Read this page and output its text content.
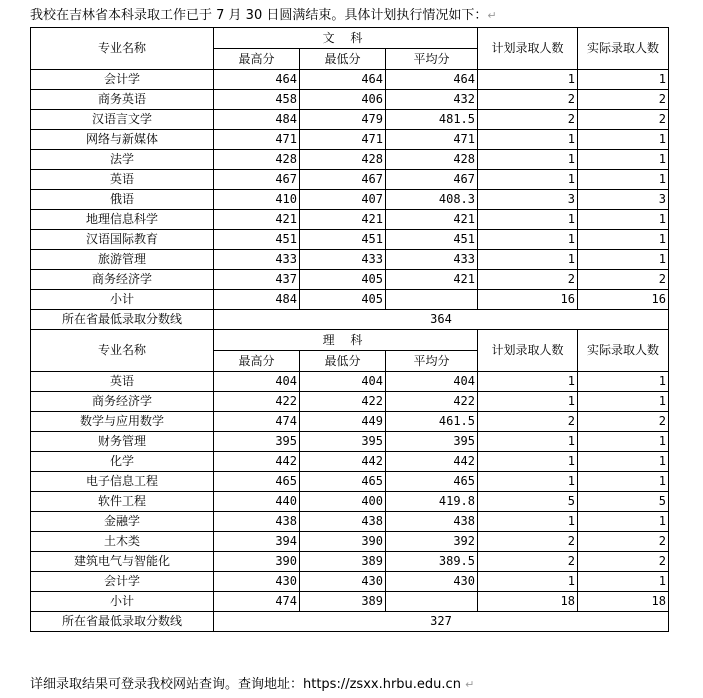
我校在吉林省本科录取工作已于 7 月 30 日圆满结束。具体计划执行情况如下：↵
专业名称	文 科			计划录取人数	实际录取人数
	最高分	最低分	平均分		
会计学	464	464	464	1	1
商务英语	458	406	432	2	2
汉语言文学	484	479	481.5	2	2
网络与新媒体	471	471	471	1	1
法学	428	428	428	1	1
英语	467	467	467	1	1
俄语	410	407	408.3	3	3
地理信息科学	421	421	421	1	1
汉语国际教育	451	451	451	1	1
旅游管理	433	433	433	1	1
商务经济学	437	405	421	2	2
小计	484	405		16	16
所在省最低录取分数线	364				
专业名称	理 科			计划录取人数	实际录取人数
	最高分	最低分	平均分		
英语	404	404	404	1	1
商务经济学	422	422	422	1	1
数学与应用数学	474	449	461.5	2	2
财务管理	395	395	395	1	1
化学	442	442	442	1	1
电子信息工程	465	465	465	1	1
软件工程	440	400	419.8	5	5
金融学	438	438	438	1	1
土木类	394	390	392	2	2
建筑电气与智能化	390	389	389.5	2	2
会计学	430	430	430	1	1
小计	474	389		18	18
所在省最低录取分数线	327				
详细录取结果可登录我校网站查询。查询地址：https://zsxx.hrbu.edu.cn ↵
